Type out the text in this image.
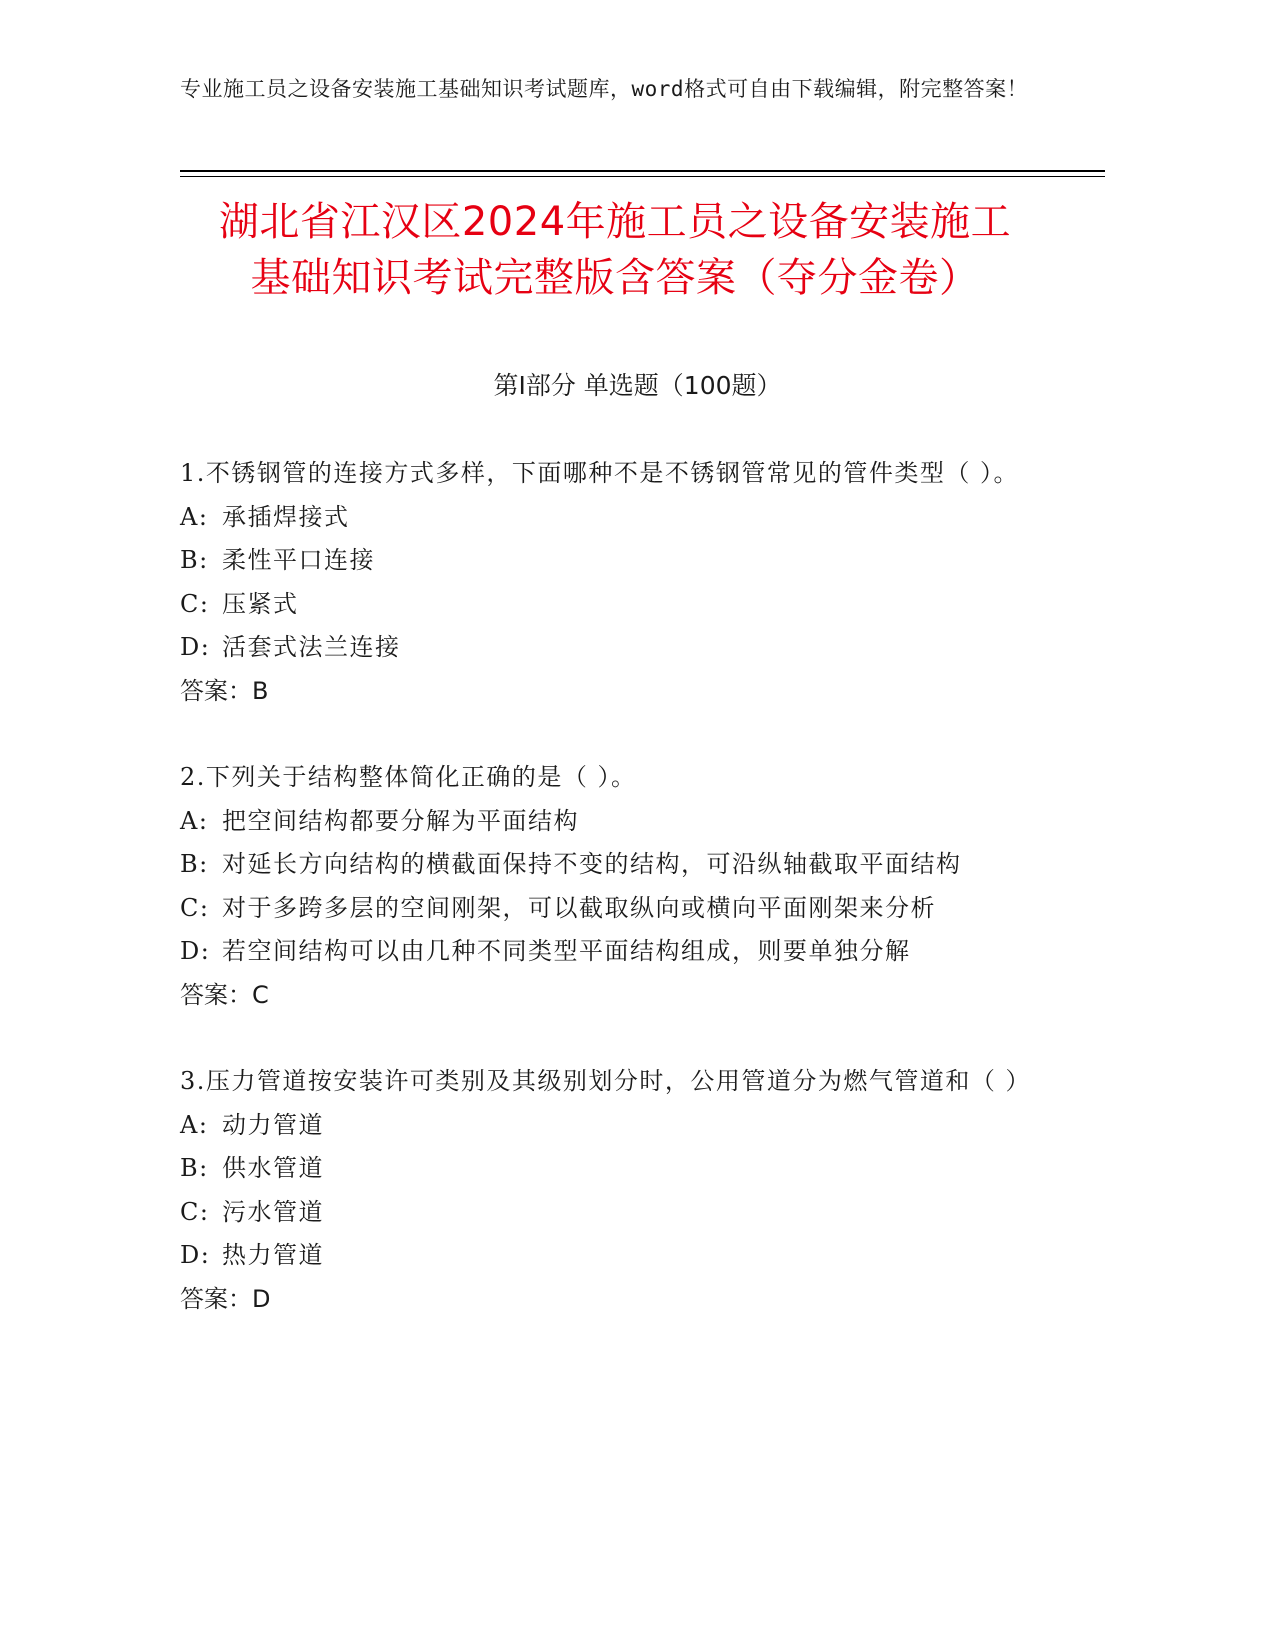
专业施工员之设备安装施工基础知识考试题库，word格式可自由下载编辑，附完整答案！
湖北省江汉区2024年施工员之设备安装施工
基础知识考试完整版含答案（夺分金卷）
第Ⅰ部分 单选题（100题）
1.不锈钢管的连接方式多样，下面哪种不是不锈钢管常见的管件类型（ ）。
A: 承插焊接式
B: 柔性平口连接
C: 压紧式
D: 活套式法兰连接
答案：B
2.下列关于结构整体简化正确的是（ ）。
A: 把空间结构都要分解为平面结构
B: 对延长方向结构的横截面保持不变的结构，可沿纵轴截取平面结构
C: 对于多跨多层的空间刚架，可以截取纵向或横向平面刚架来分析
D: 若空间结构可以由几种不同类型平面结构组成，则要单独分解
答案：C
3.压力管道按安装许可类别及其级别划分时，公用管道分为燃气管道和（ ）
A: 动力管道
B: 供水管道
C: 污水管道
D: 热力管道
答案：D
